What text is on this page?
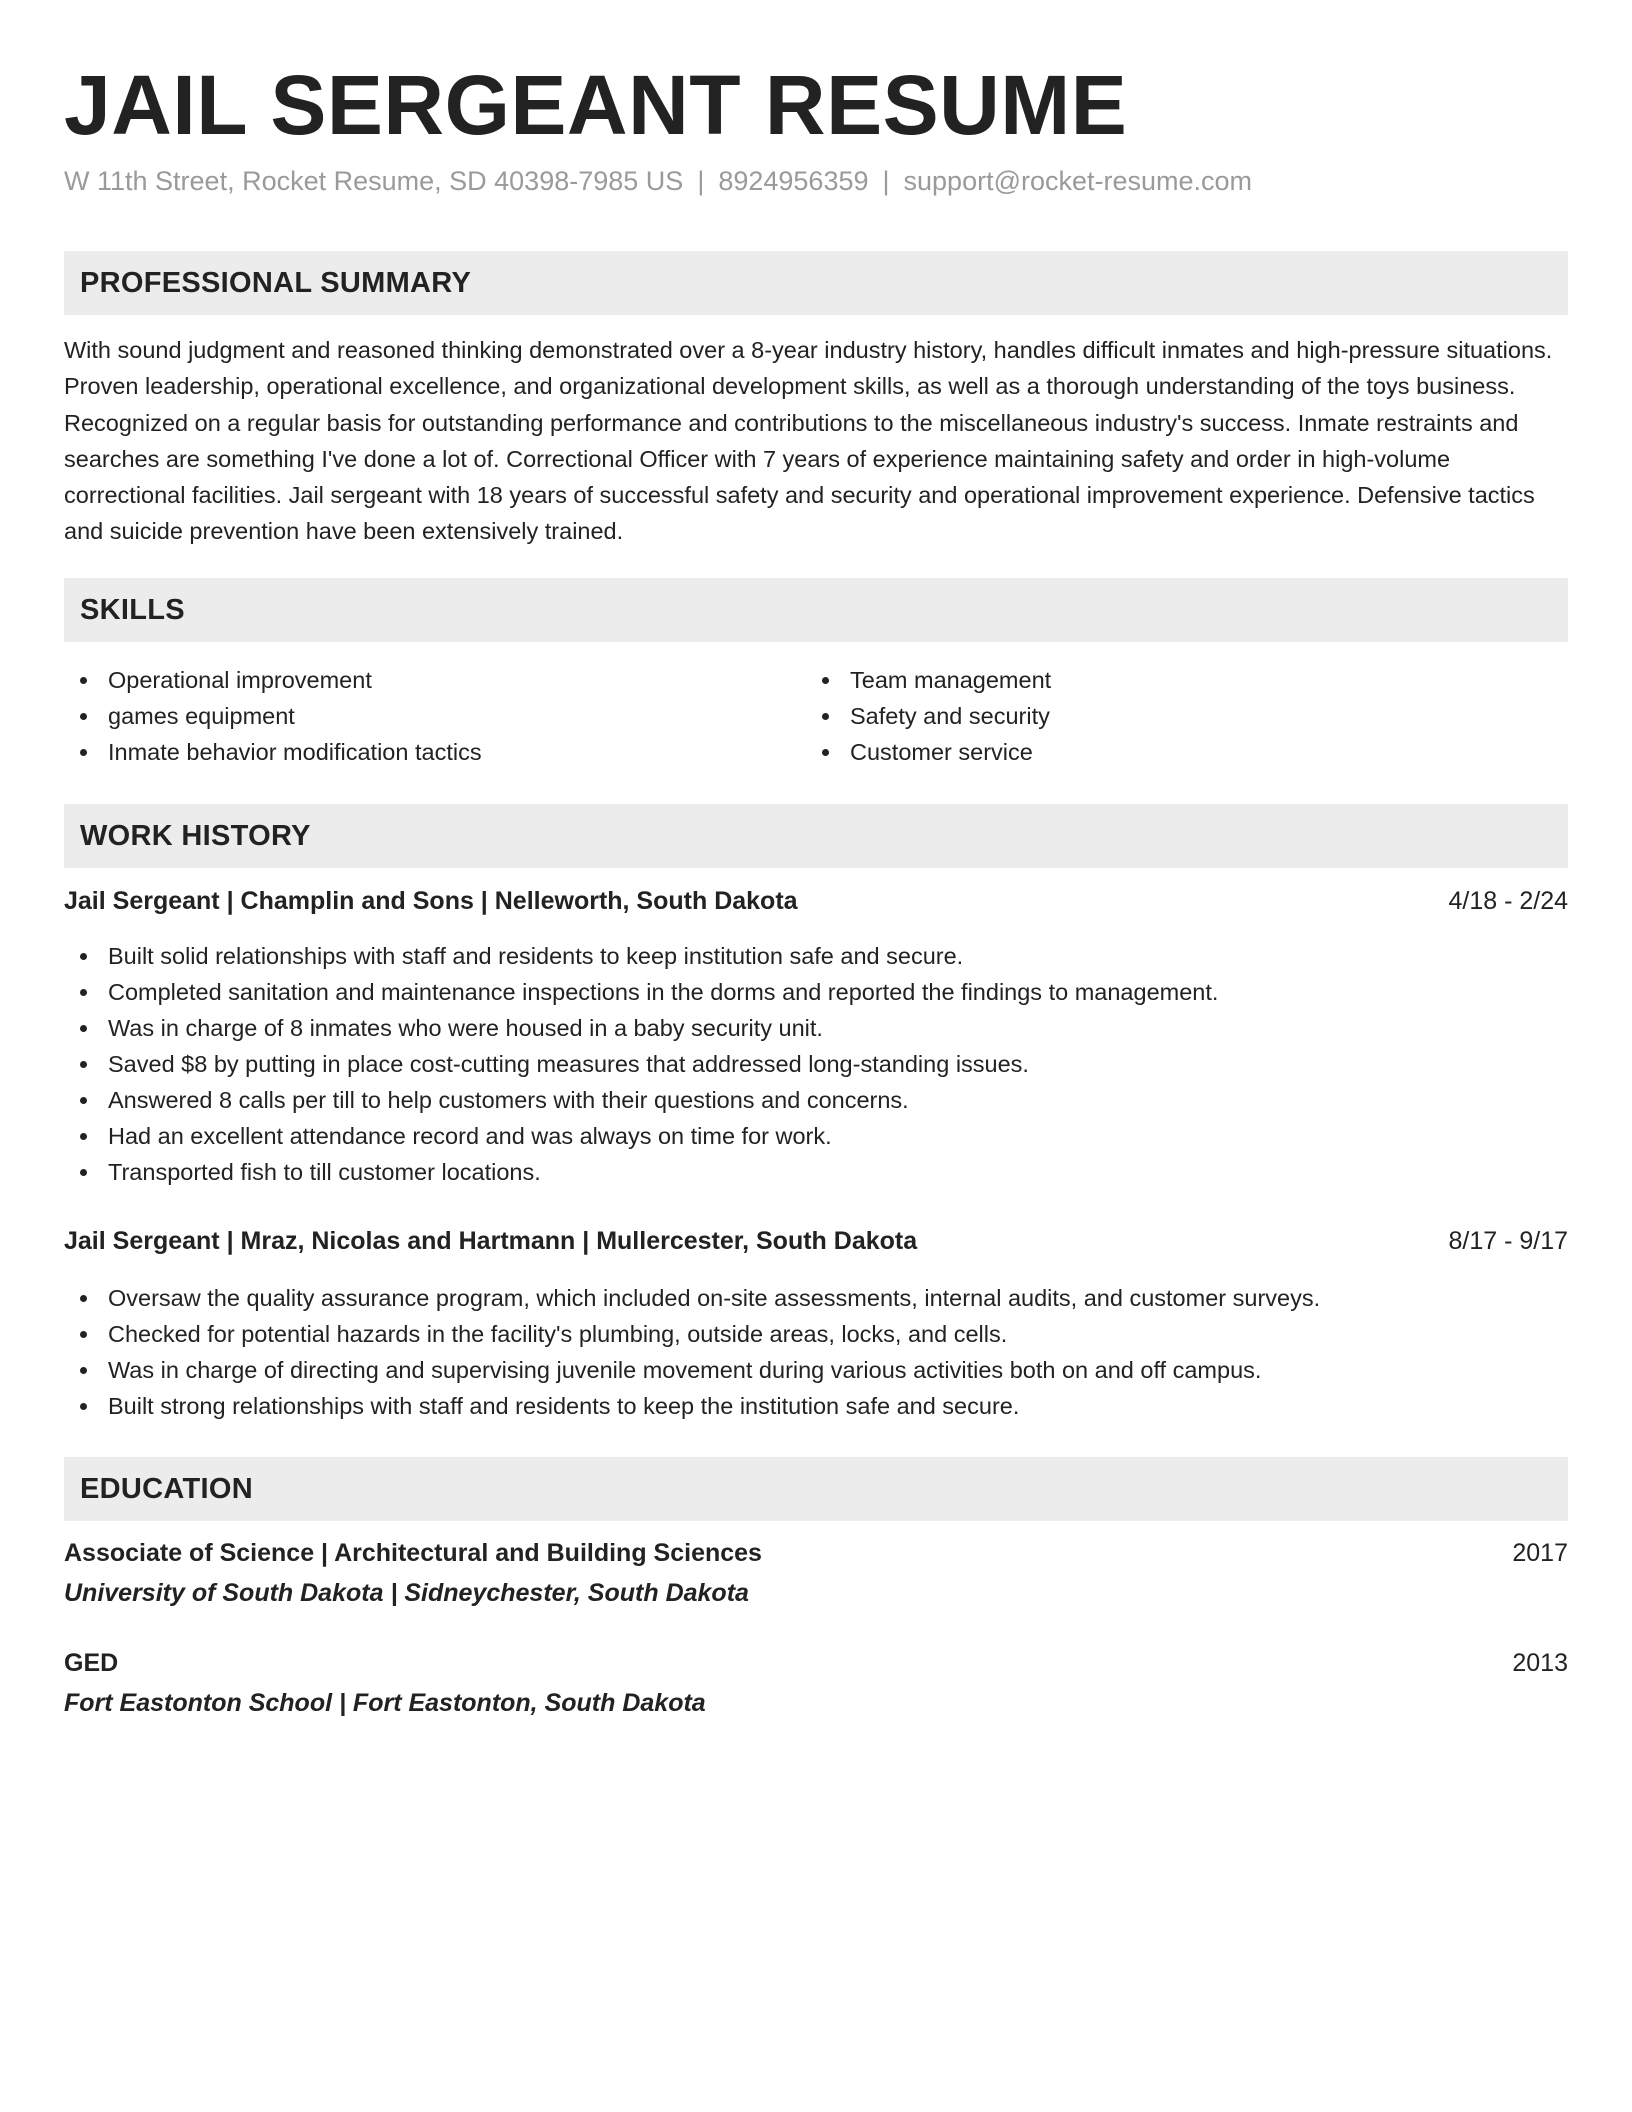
JAIL SERGEANT RESUME
W 11th Street, Rocket Resume, SD 40398-7985 US | 8924956359 | support@rocket-resume.com
PROFESSIONAL SUMMARY

With sound judgment and reasoned thinking demonstrated over a 8-year industry history, handles difficult inmates and high-pressure situations. Proven leadership, operational excellence, and organizational development skills, as well as a thorough understanding of the toys business. Recognized on a regular basis for outstanding performance and contributions to the miscellaneous industry's success. Inmate restraints and searches are something I've done a lot of. Correctional Officer with 7 years of experience maintaining safety and order in high-volume correctional facilities. Jail sergeant with 18 years of successful safety and security and operational improvement experience. Defensive tactics and suicide prevention have been extensively trained.

SKILLS
Operational improvement
games equipment
Inmate behavior modification tactics
Team management
Safety and security
Customer service
WORK HISTORY
Jail Sergeant | Champlin and Sons | Nelleworth, South Dakota	4/18 - 2/24
Built solid relationships with staff and residents to keep institution safe and secure.
Completed sanitation and maintenance inspections in the dorms and reported the findings to management.
Was in charge of 8 inmates who were housed in a baby security unit.
Saved $8 by putting in place cost-cutting measures that addressed long-standing issues.
Answered 8 calls per till to help customers with their questions and concerns.
Had an excellent attendance record and was always on time for work.
Transported fish to till customer locations.
Jail Sergeant | Mraz, Nicolas and Hartmann | Mullercester, South Dakota	8/17 - 9/17
Oversaw the quality assurance program, which included on-site assessments, internal audits, and customer surveys.
Checked for potential hazards in the facility's plumbing, outside areas, locks, and cells.
Was in charge of directing and supervising juvenile movement during various activities both on and off campus.
Built strong relationships with staff and residents to keep the institution safe and secure.
EDUCATION
Associate of Science | Architectural and Building Sciences	2017
University of South Dakota | Sidneychester, South Dakota
GED	2013
Fort Eastonton School | Fort Eastonton, South Dakota
